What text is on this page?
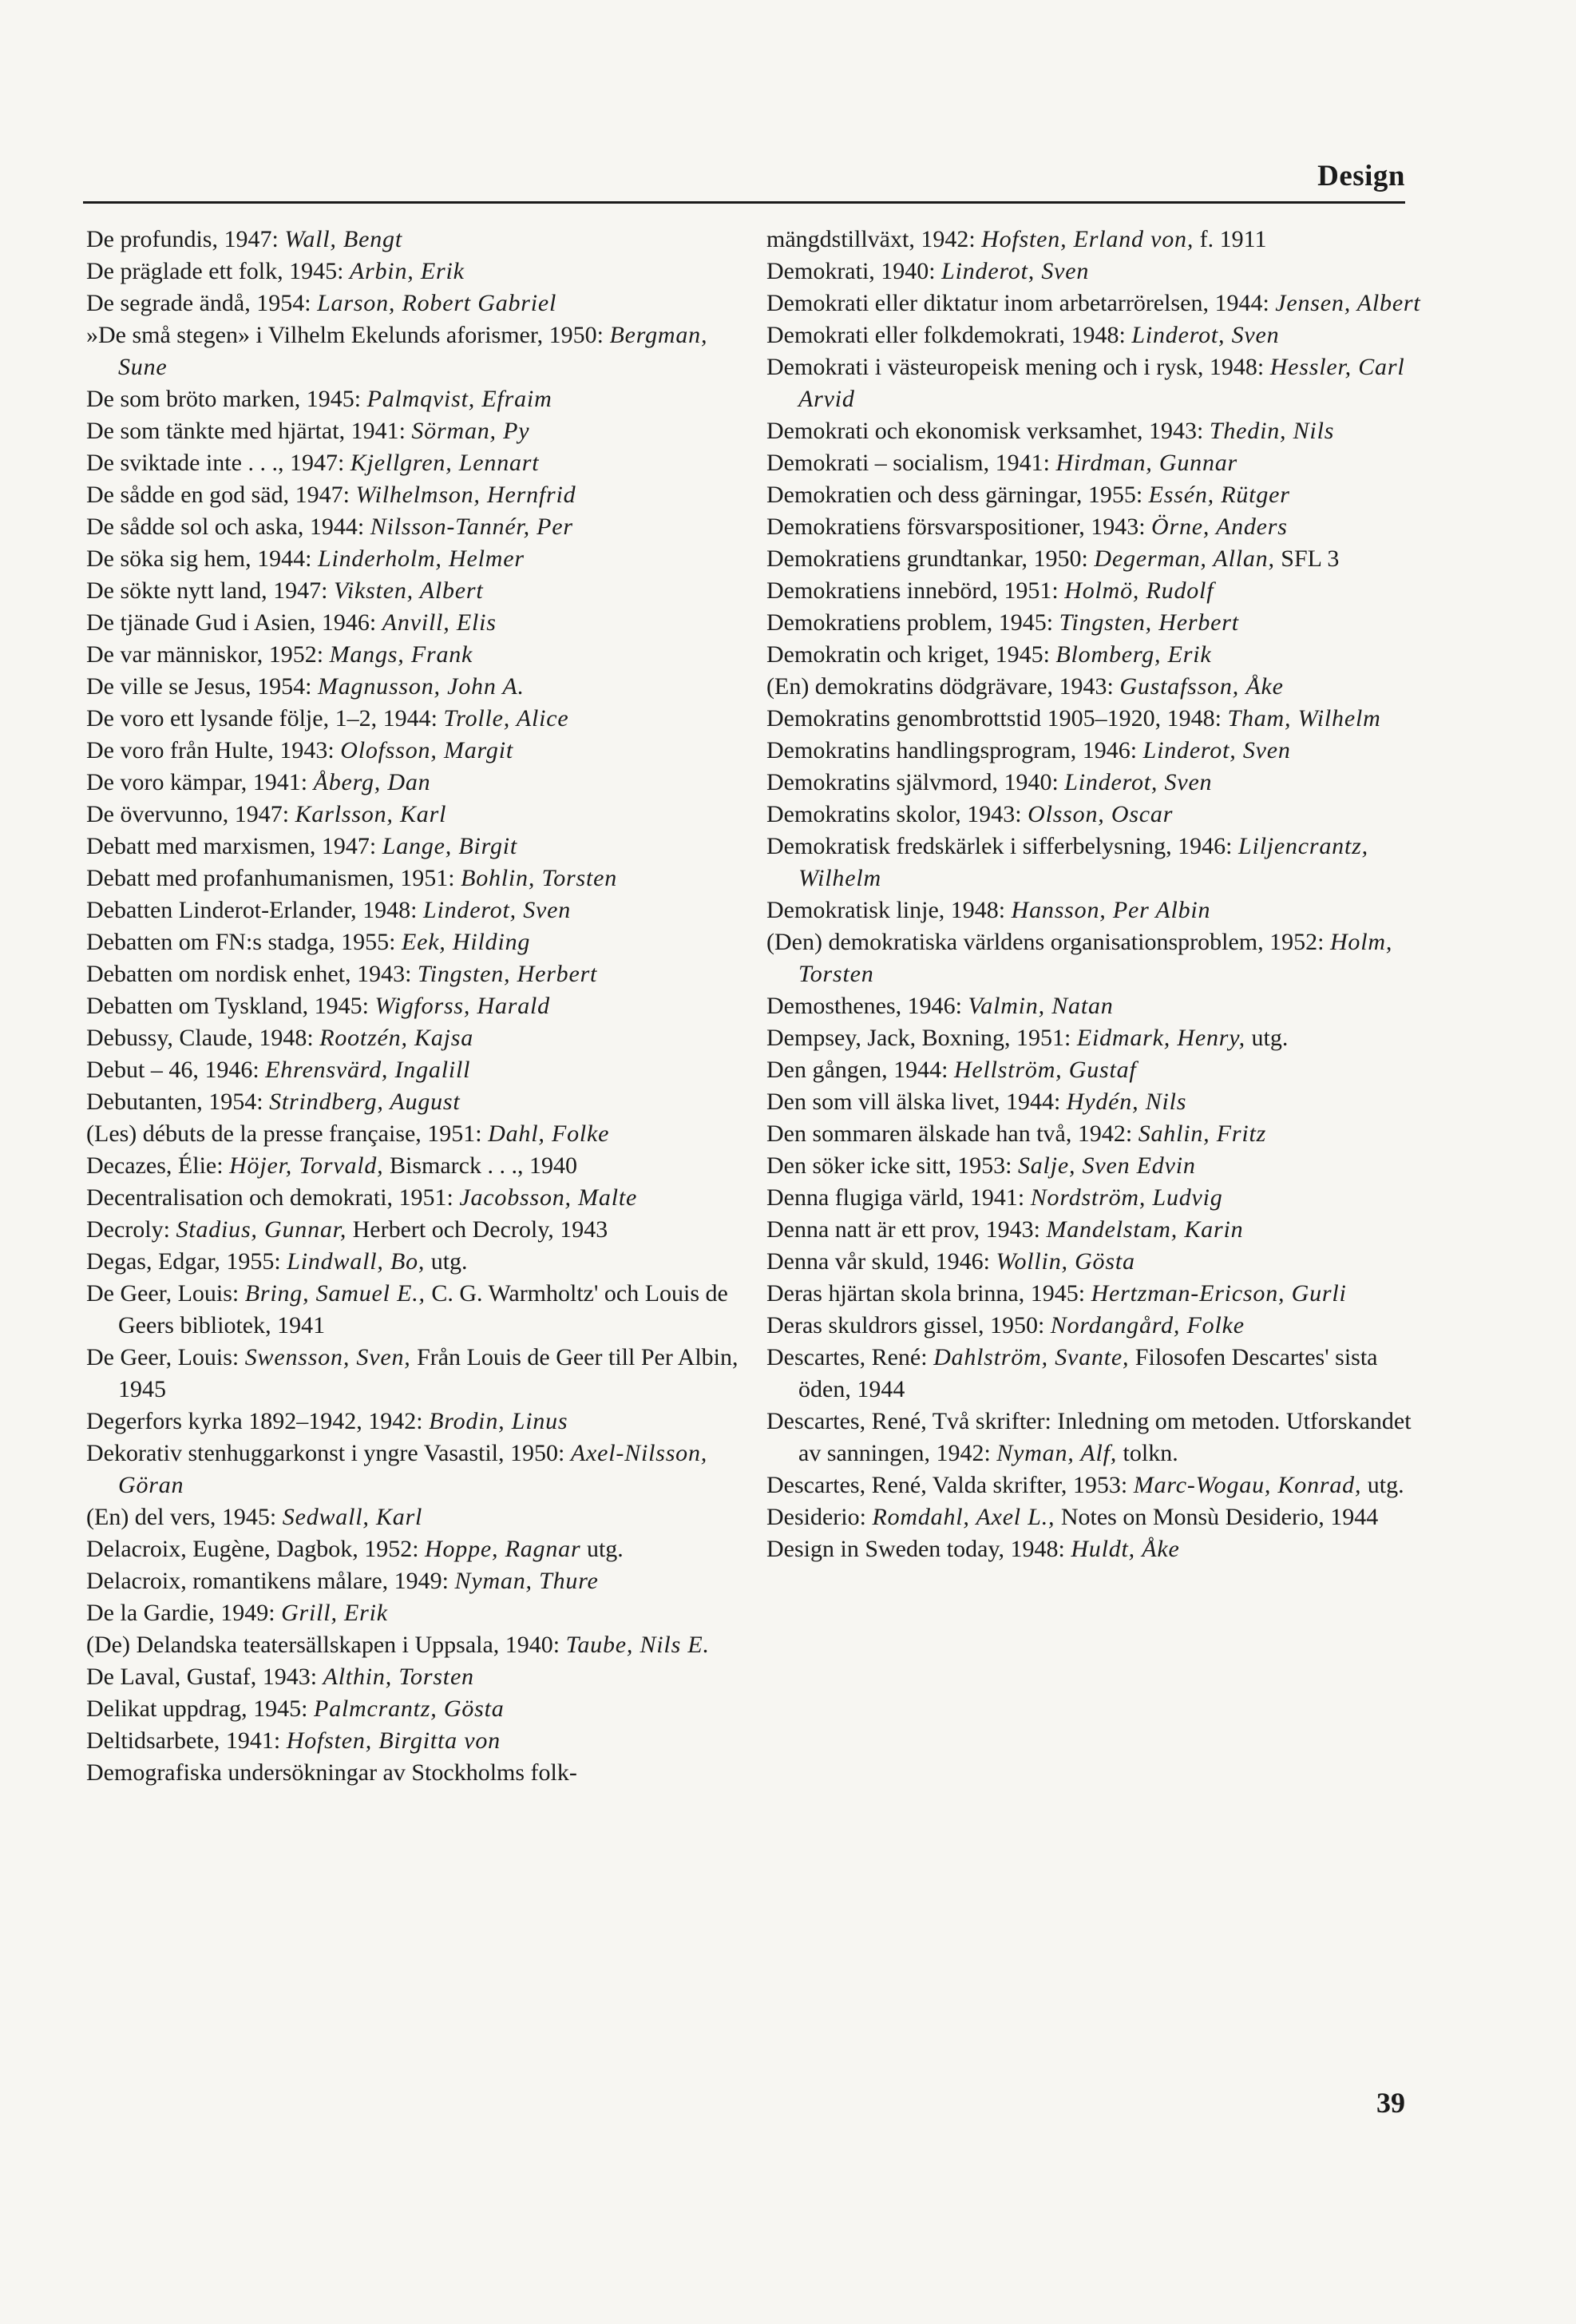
Design

De profundis, 1947: Wall, Bengt

De präglade ett folk, 1945: Arbin, Erik

De segrade ändå, 1954: Larson, Robert Gabriel

»De små stegen» i Vilhelm Ekelunds aforismer, 1950: Bergman, Sune

De som bröto marken, 1945: Palmqvist, Efraim

De som tänkte med hjärtat, 1941: Sörman, Py

De sviktade inte . . ., 1947: Kjellgren, Lennart

De sådde en god säd, 1947: Wilhelmson, Hernfrid

De sådde sol och aska, 1944: Nilsson-Tannér, Per

De söka sig hem, 1944: Linderholm, Helmer

De sökte nytt land, 1947: Viksten, Albert

De tjänade Gud i Asien, 1946: Anvill, Elis

De var människor, 1952: Mangs, Frank

De ville se Jesus, 1954: Magnusson, John A.

De voro ett lysande följe, 1–2, 1944: Trolle, Alice

De voro från Hulte, 1943: Olofsson, Margit

De voro kämpar, 1941: Åberg, Dan

De övervunno, 1947: Karlsson, Karl

Debatt med marxismen, 1947: Lange, Birgit

Debatt med profanhumanismen, 1951: Bohlin, Torsten

Debatten Linderot-Erlander, 1948: Linderot, Sven

Debatten om FN:s stadga, 1955: Eek, Hilding

Debatten om nordisk enhet, 1943: Tingsten, Herbert

Debatten om Tyskland, 1945: Wigforss, Harald

Debussy, Claude, 1948: Rootzén, Kajsa

Debut – 46, 1946: Ehrensvärd, Ingalill

Debutanten, 1954: Strindberg, August

(Les) débuts de la presse française, 1951: Dahl, Folke

Decazes, Élie: Höjer, Torvald, Bismarck . . ., 1940

Decentralisation och demokrati, 1951: Jacobsson, Malte

Decroly: Stadius, Gunnar, Herbert och Decroly, 1943

Degas, Edgar, 1955: Lindwall, Bo, utg.

De Geer, Louis: Bring, Samuel E., C. G. Warmholtz' och Louis de Geers bibliotek, 1941

De Geer, Louis: Swensson, Sven, Från Louis de Geer till Per Albin, 1945

Degerfors kyrka 1892–1942, 1942: Brodin, Linus

Dekorativ stenhuggarkonst i yngre Vasastil, 1950: Axel-Nilsson, Göran

(En) del vers, 1945: Sedwall, Karl

Delacroix, Eugène, Dagbok, 1952: Hoppe, Ragnar utg.

Delacroix, romantikens målare, 1949: Nyman, Thure

De la Gardie, 1949: Grill, Erik

(De) Delandska teatersällskapen i Uppsala, 1940: Taube, Nils E.

De Laval, Gustaf, 1943: Althin, Torsten

Delikat uppdrag, 1945: Palmcrantz, Gösta

Deltidsarbete, 1941: Hofsten, Birgitta von

Demografiska undersökningar av Stockholms folk-

mängdstillväxt, 1942: Hofsten, Erland von, f. 1911

Demokrati, 1940: Linderot, Sven

Demokrati eller diktatur inom arbetarrörelsen, 1944: Jensen, Albert

Demokrati eller folkdemokrati, 1948: Linderot, Sven

Demokrati i västeuropeisk mening och i rysk, 1948: Hessler, Carl Arvid

Demokrati och ekonomisk verksamhet, 1943: Thedin, Nils

Demokrati – socialism, 1941: Hirdman, Gunnar

Demokratien och dess gärningar, 1955: Essén, Rütger

Demokratiens försvarspositioner, 1943: Örne, Anders

Demokratiens grundtankar, 1950: Degerman, Allan, SFL 3

Demokratiens innebörd, 1951: Holmö, Rudolf

Demokratiens problem, 1945: Tingsten, Herbert

Demokratin och kriget, 1945: Blomberg, Erik

(En) demokratins dödgrävare, 1943: Gustafsson, Åke

Demokratins genombrottstid 1905–1920, 1948: Tham, Wilhelm

Demokratins handlingsprogram, 1946: Linderot, Sven

Demokratins självmord, 1940: Linderot, Sven

Demokratins skolor, 1943: Olsson, Oscar

Demokratisk fredskärlek i sifferbelysning, 1946: Liljencrantz, Wilhelm

Demokratisk linje, 1948: Hansson, Per Albin

(Den) demokratiska världens organisationsproblem, 1952: Holm, Torsten

Demosthenes, 1946: Valmin, Natan

Dempsey, Jack, Boxning, 1951: Eidmark, Henry, utg.

Den gången, 1944: Hellström, Gustaf

Den som vill älska livet, 1944: Hydén, Nils

Den sommaren älskade han två, 1942: Sahlin, Fritz

Den söker icke sitt, 1953: Salje, Sven Edvin

Denna flugiga värld, 1941: Nordström, Ludvig

Denna natt är ett prov, 1943: Mandelstam, Karin

Denna vår skuld, 1946: Wollin, Gösta

Deras hjärtan skola brinna, 1945: Hertzman-Ericson, Gurli

Deras skuldrors gissel, 1950: Nordangård, Folke

Descartes, René: Dahlström, Svante, Filosofen Descartes' sista öden, 1944

Descartes, René, Två skrifter: Inledning om metoden. Utforskandet av sanningen, 1942: Nyman, Alf, tolkn.

Descartes, René, Valda skrifter, 1953: Marc-Wogau, Konrad, utg.

Desiderio: Romdahl, Axel L., Notes on Monsù Desiderio, 1944

Design in Sweden today, 1948: Huldt, Åke

39
